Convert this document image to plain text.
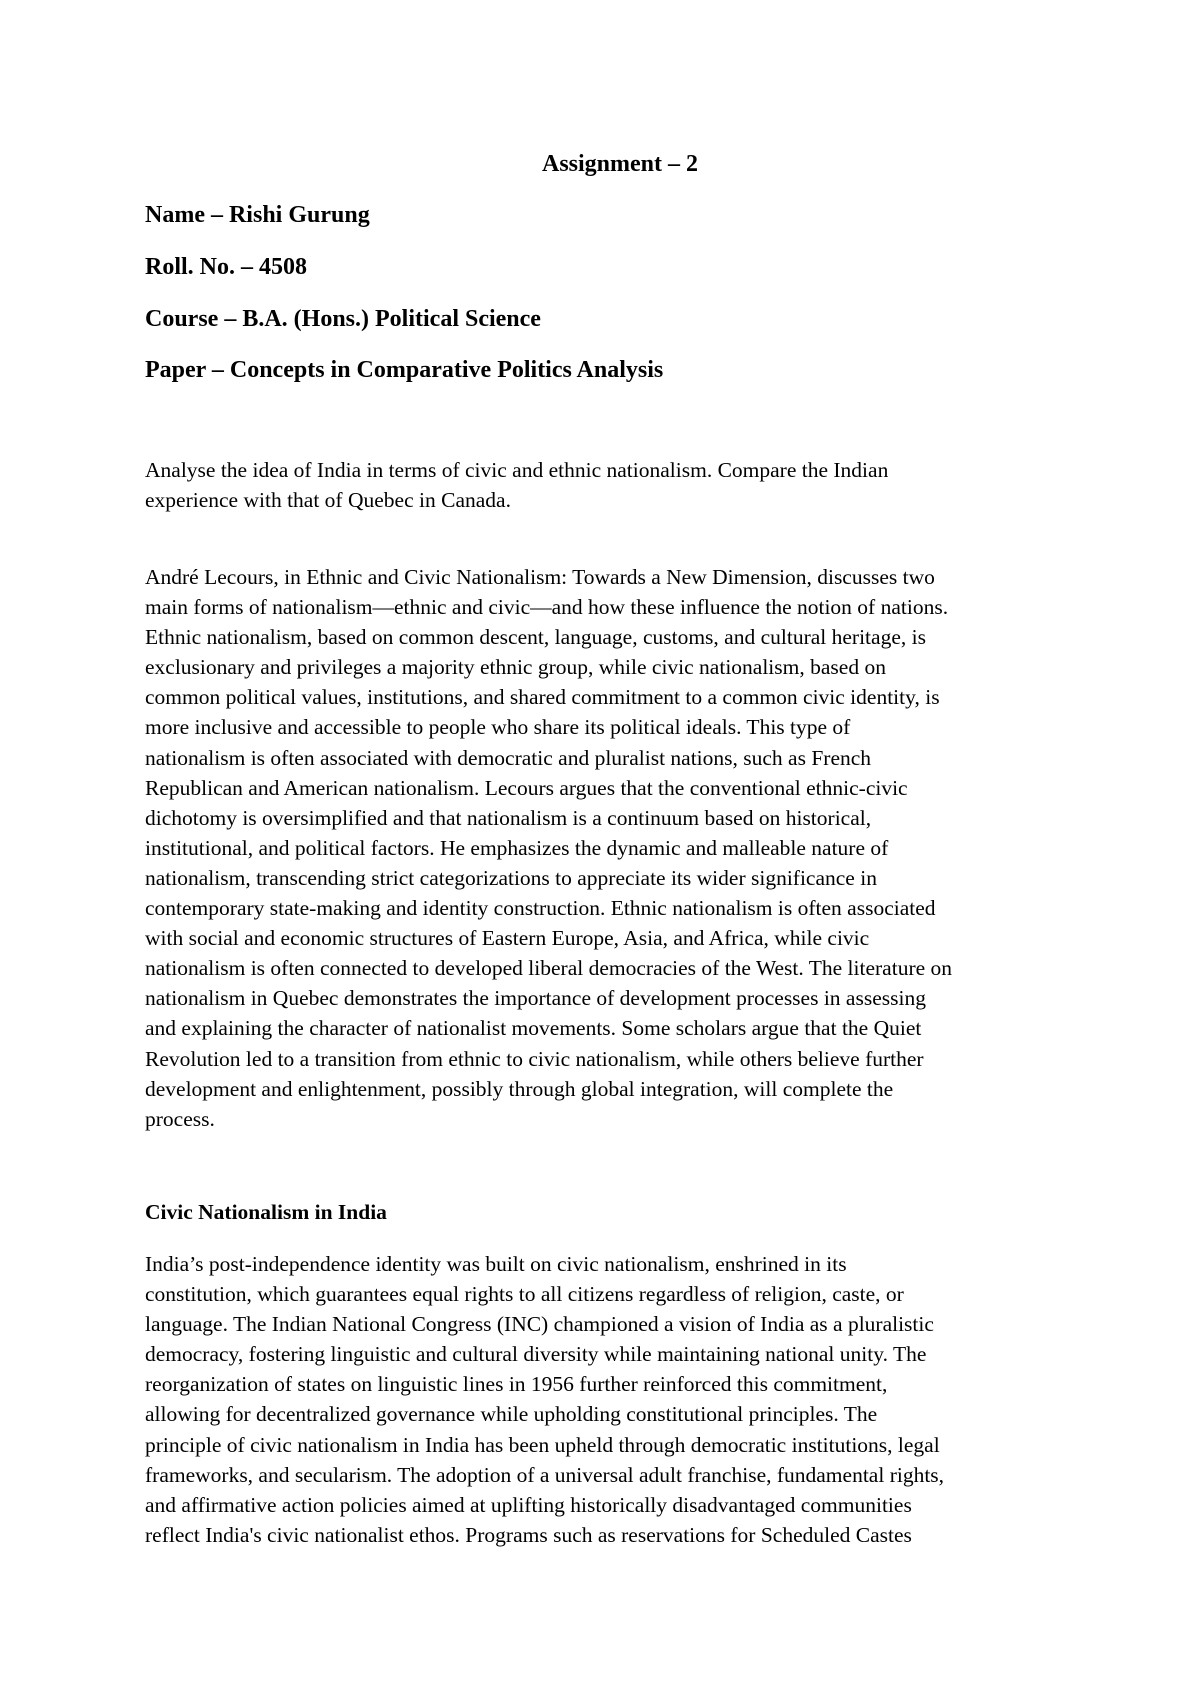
Assignment – 2
Name – Rishi Gurung
Roll. No. – 4508
Course – B.A. (Hons.) Political Science
Paper – Concepts in Comparative Politics Analysis
Analyse the idea of India in terms of civic and ethnic nationalism. Compare the Indian
experience with that of Quebec in Canada.
André Lecours, in Ethnic and Civic Nationalism: Towards a New Dimension, discusses two
main forms of nationalism—ethnic and civic—and how these influence the notion of nations.
Ethnic nationalism, based on common descent, language, customs, and cultural heritage, is
exclusionary and privileges a majority ethnic group, while civic nationalism, based on
common political values, institutions, and shared commitment to a common civic identity, is
more inclusive and accessible to people who share its political ideals. This type of
nationalism is often associated with democratic and pluralist nations, such as French
Republican and American nationalism. Lecours argues that the conventional ethnic-civic
dichotomy is oversimplified and that nationalism is a continuum based on historical,
institutional, and political factors. He emphasizes the dynamic and malleable nature of
nationalism, transcending strict categorizations to appreciate its wider significance in
contemporary state-making and identity construction. Ethnic nationalism is often associated
with social and economic structures of Eastern Europe, Asia, and Africa, while civic
nationalism is often connected to developed liberal democracies of the West. The literature on
nationalism in Quebec demonstrates the importance of development processes in assessing
and explaining the character of nationalist movements. Some scholars argue that the Quiet
Revolution led to a transition from ethnic to civic nationalism, while others believe further
development and enlightenment, possibly through global integration, will complete the
process.
Civic Nationalism in India
India’s post-independence identity was built on civic nationalism, enshrined in its
constitution, which guarantees equal rights to all citizens regardless of religion, caste, or
language. The Indian National Congress (INC) championed a vision of India as a pluralistic
democracy, fostering linguistic and cultural diversity while maintaining national unity. The
reorganization of states on linguistic lines in 1956 further reinforced this commitment,
allowing for decentralized governance while upholding constitutional principles. The
principle of civic nationalism in India has been upheld through democratic institutions, legal
frameworks, and secularism. The adoption of a universal adult franchise, fundamental rights,
and affirmative action policies aimed at uplifting historically disadvantaged communities
reflect India's civic nationalist ethos. Programs such as reservations for Scheduled Castes
